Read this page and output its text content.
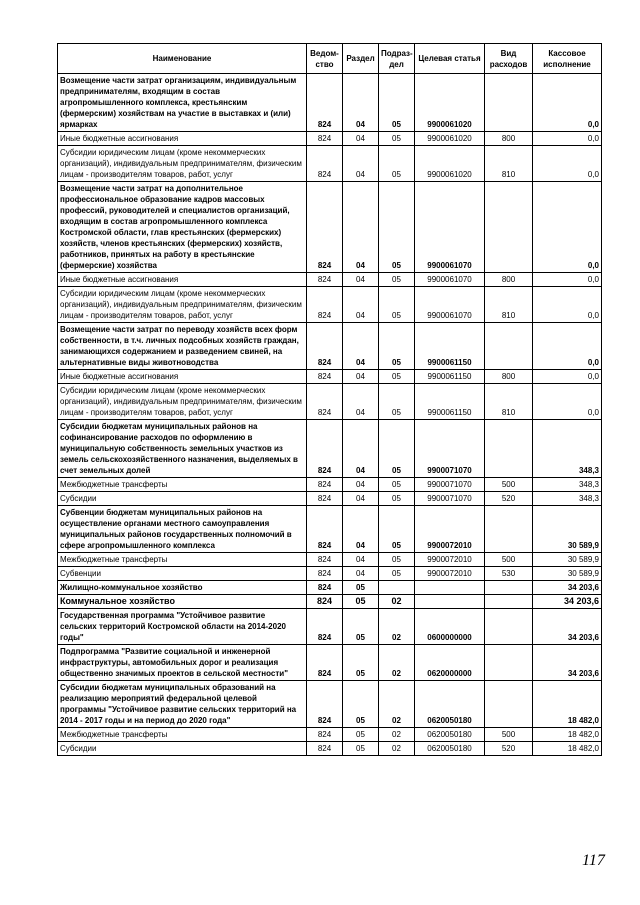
Наименование	Ведом-ство	Раздел	Подраз-дел	Целевая статья	Вид расходов	Кассовое исполнение
Возмещение части затрат организациям, индивидуальным предпринимателям, входящим в состав агропромышленного комплекса, крестьянским (фермерским) хозяйствам на участие в выставках и (или) ярмарках	824	04	05	9900061020		0,0
Иные бюджетные ассигнования	824	04	05	9900061020	800	0,0
Субсидии юридическим лицам (кроме некоммерческих организаций), индивидуальным предпринимателям, физическим лицам - производителям товаров, работ, услуг	824	04	05	9900061020	810	0,0
Возмещение части затрат на дополнительное профессиональное образование кадров массовых профессий, руководителей и специалистов организаций, входящим в состав агропромышленного комплекса Костромской области, глав крестьянских (фермерских) хозяйств, членов крестьянских (фермерских) хозяйств, работников, принятых на работу в крестьянские (фермерские) хозяйства	824	04	05	9900061070		0,0
Иные бюджетные ассигнования	824	04	05	9900061070	800	0,0
Субсидии юридическим лицам (кроме некоммерческих организаций), индивидуальным предпринимателям, физическим лицам - производителям товаров, работ, услуг	824	04	05	9900061070	810	0,0
Возмещение части затрат по переводу хозяйств всех форм собственности, в т.ч. личных подсобных хозяйств граждан, занимающихся содержанием и разведением свиней, на альтернативные виды животноводства	824	04	05	9900061150		0,0
Иные бюджетные ассигнования	824	04	05	9900061150	800	0,0
Субсидии юридическим лицам (кроме некоммерческих организаций), индивидуальным предпринимателям, физическим лицам - производителям товаров, работ, услуг	824	04	05	9900061150	810	0,0
Субсидии бюджетам муниципальных районов на софинансирование расходов по оформлению в муниципальную собственность земельных участков из земель сельскохозяйственного назначения, выделяемых в счет земельных долей	824	04	05	9900071070		348,3
Межбюджетные трансферты	824	04	05	9900071070	500	348,3
Субсидии	824	04	05	9900071070	520	348,3
Субвенции бюджетам муниципальных районов на осуществление органами местного самоуправления муниципальных районов государственных полномочий в сфере агропромышленного комплекса	824	04	05	9900072010		30 589,9
Межбюджетные трансферты	824	04	05	9900072010	500	30 589,9
Субвенции	824	04	05	9900072010	530	30 589,9
Жилищно-коммунальное хозяйство	824	05				34 203,6
Коммунальное хозяйство	824	05	02			34 203,6
Государственная программа "Устойчивое развитие сельских территорий Костромской области на 2014-2020 годы"	824	05	02	0600000000		34 203,6
Подпрограмма "Развитие социальной и инженерной инфраструктуры, автомобильных дорог и реализация общественно значимых проектов в сельской местности"	824	05	02	0620000000		34 203,6
Субсидии бюджетам муниципальных образований на реализацию мероприятий федеральной целевой программы "Устойчивое развитие сельских территорий на 2014 - 2017 годы и на период до 2020 года"	824	05	02	0620050180		18 482,0
Межбюджетные трансферты	824	05	02	0620050180	500	18 482,0
Субсидии	824	05	02	0620050180	520	18 482,0
117
